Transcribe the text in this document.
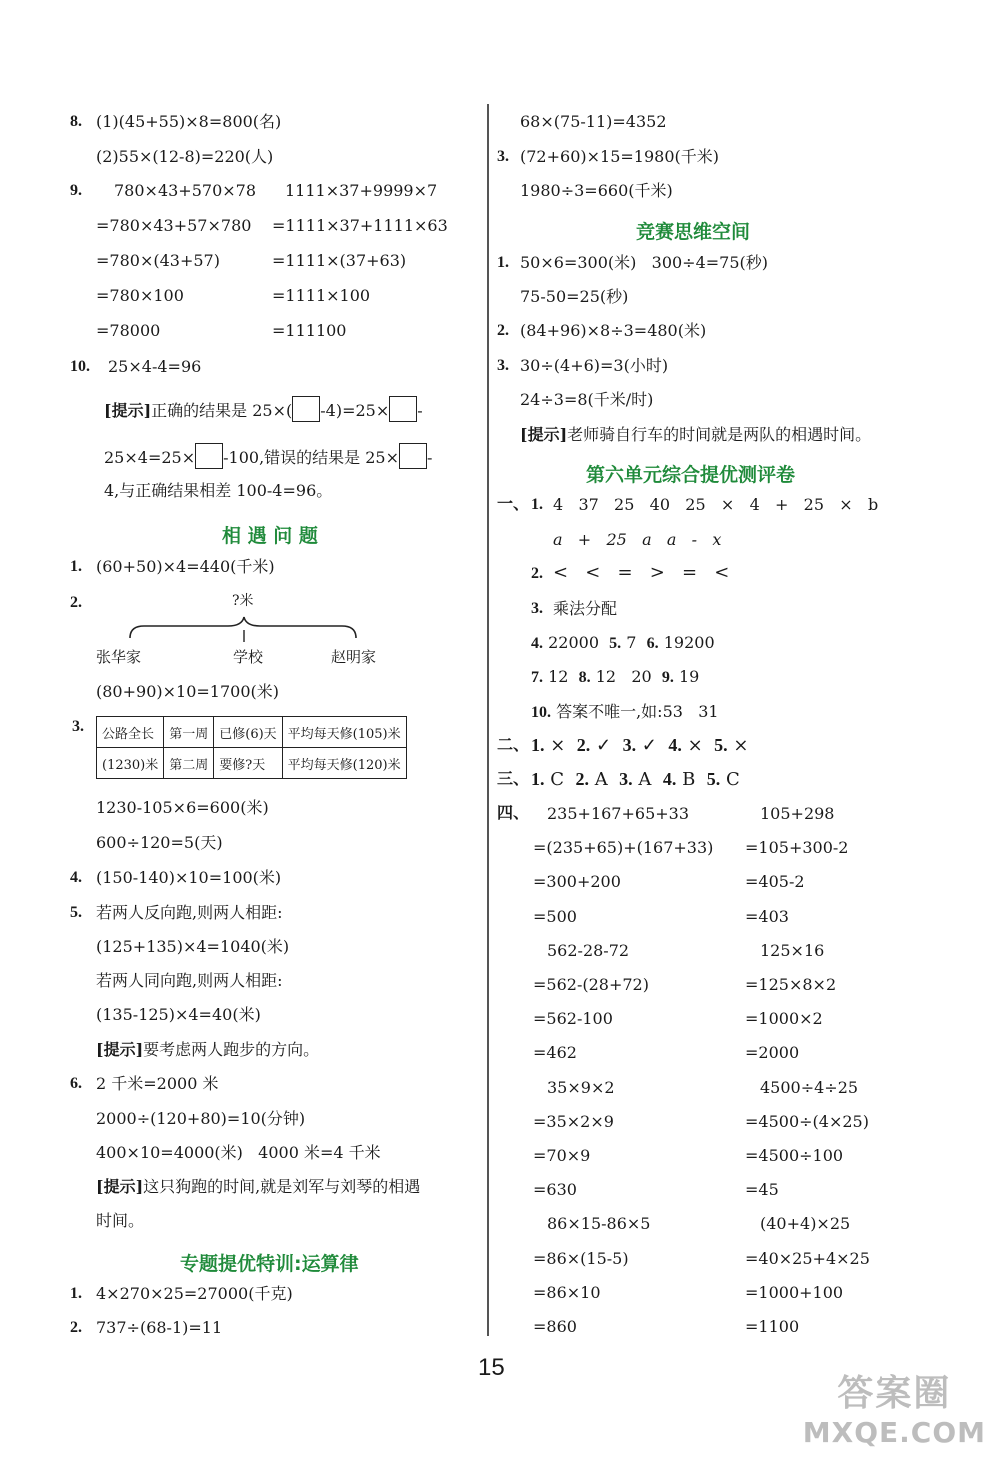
8. (1)(45+55)×8=800(名)
(2)55×(12-8)=220(人)
9. 780×43+570×78
=780×43+57×780
=780×(43+57)
=780×100
=78000
1111×37+9999×7
=1111×37+1111×63
=1111×(37+63)
=1111×100
=111100
10. 25×4-4=96
[提示]正确的结果是 25×( -4)=25× -
25×4=25× -100,错误的结果是 25× -
4,与正确结果相差 100-4=96。
相 遇 问 题
1. (60+50)×4=440(千米)
2.	?米
张华家	学校	赵明家
(80+90)×10=1700(米)
3. 公路全长	第一周	已修(6)天	平均每天修(105)米
(1230)米	第二周	要修?天	平均每天修(120)米
1230-105×6=600(米)
600÷120=5(天)
4. (150-140)×10=100(米)
5. 若两人反向跑,则两人相距:
(125+135)×4=1040(米)
若两人同向跑,则两人相距:
(135-125)×4=40(米)
[提示]要考虑两人跑步的方向。
6. 2 千米=2000 米
2000÷(120+80)=10(分钟)
400×10=4000(米)   4000 米=4 千米
[提示]这只狗跑的时间,就是刘军与刘琴的相遇
时间。
专题提优特训:运算律
1. 4×270×25=27000(千克)
2. 737÷(68-1)=11
68×(75-11)=4352
3. (72+60)×15=1980(千米)
1980÷3=660(千米)
竞赛思维空间
1. 50×6=300(米)   300÷4=75(秒)
75-50=25(秒)
2. (84+96)×8÷3=480(米)
3. 30÷(4+6)=3(小时)
24÷3=8(千米/时)
[提示]老师骑自行车的时间就是两队的相遇时间。
第六单元综合提优测评卷
一、 1. 4   37   25   40   25   ×   4   +   25   ×   b
a   +   25   a   a   -   x
2. <   <   =   >   =   <
3. 乘法分配
4. 22000 5. 7 6. 19200
7. 12 8. 12   20 9. 19
10. 答案不唯一,如:53   31
二、 1. × 2. ✓ 3. ✓ 4. × 5. ×
三、 1. C 2. A 3. A 4. B 5. C
四、 235+167+65+33	105+298
=(235+65)+(167+33) =105+300-2
=300+200	=405-2
=500	=403
562-28-72	125×16
=562-(28+72)	=125×8×2
=562-100	=1000×2
=462	=2000
35×9×2	4500÷4÷25
=35×2×9	=4500÷(4×25)
=70×9	=4500÷100
=630	=45
86×15-86×5	(40+4)×25
=86×(15-5)	=40×25+4×25
=86×10	=1000+100
=860	=1100
15
答案圈
MXQE.COM
